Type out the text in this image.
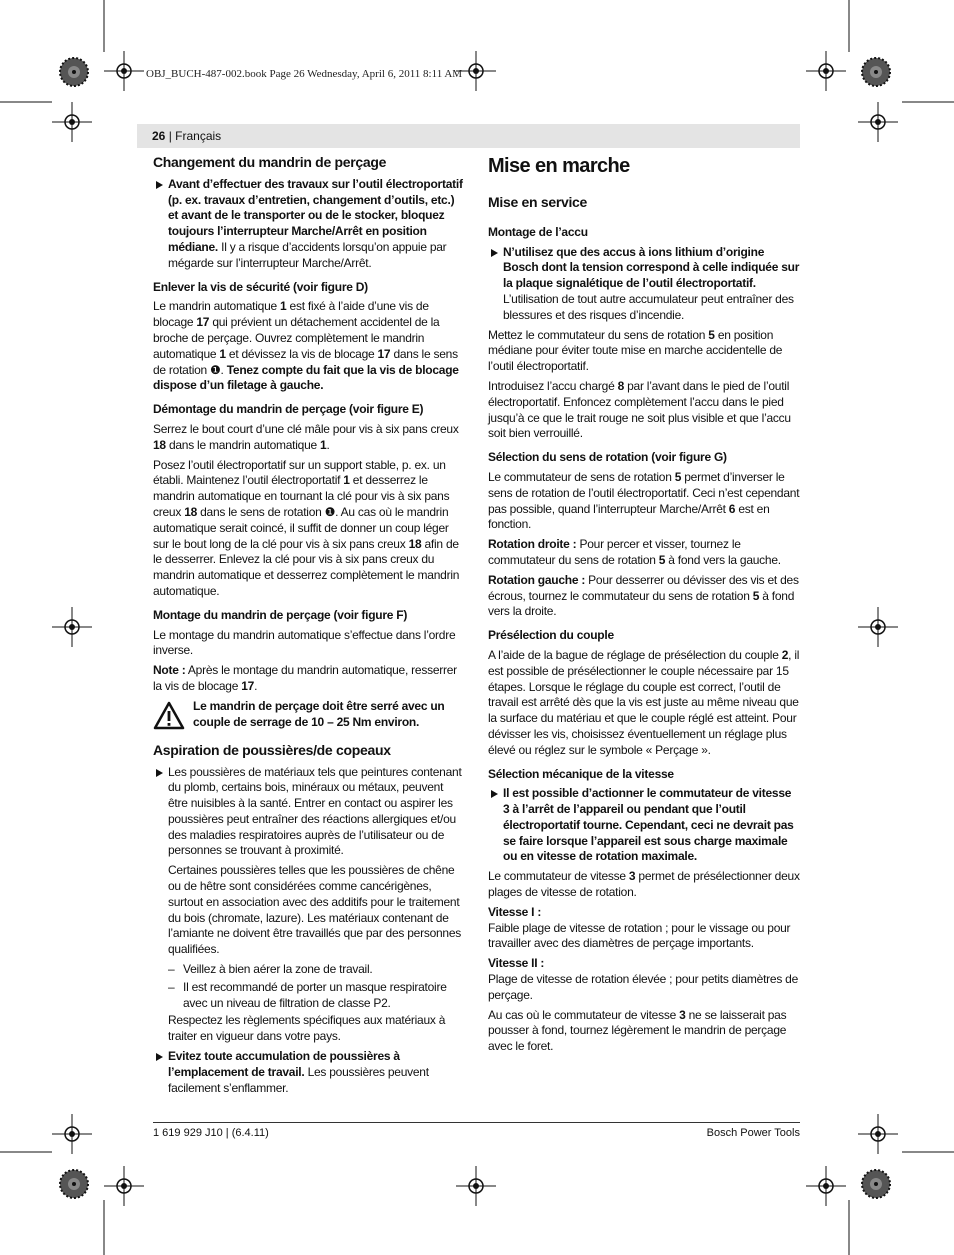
OBJ_BUCH-487-002.book Page 26 Wednesday, April 6, 2011 8:11 AM
26 | Français
Changement du mandrin de perçage
Avant d’effectuer des travaux sur l’outil électroportatif (p. ex. travaux d’entretien, changement d’outils, etc.) et avant de le transporter ou de le stocker, bloquez toujours l’interrupteur Marche/Arrêt en position médiane. Il y a risque d’accidents lorsqu’on appuie par mégarde sur l’interrupteur Marche/Arrêt.
Enlever la vis de sécurité (voir figure D)

Le mandrin automatique 1 est fixé à l’aide d’une vis de blocage 17 qui prévient un détachement accidentel de la broche de perçage. Ouvrez complètement le mandrin automatique 1 et dévissez la vis de blocage 17 dans le sens de rotation ❶. Tenez compte du fait que la vis de blocage dispose d’un filetage à gauche.

Démontage du mandrin de perçage (voir figure E)

Serrez le bout court d’une clé mâle pour vis à six pans creux 18 dans le mandrin automatique 1.

Posez l’outil électroportatif sur un support stable, p. ex. un établi. Maintenez l’outil électroportatif 1 et desserrez le mandrin automatique en tournant la clé pour vis à six pans creux 18 dans le sens de rotation ❶. Au cas où le mandrin automatique serait coincé, il suffit de donner un coup léger sur le bout long de la clé pour vis à six pans creux 18 afin de le desserrer. Enlevez la clé pour vis à six pans creux du mandrin automatique et desserrez complètement le mandrin automatique.

Montage du mandrin de perçage (voir figure F)

Le montage du mandrin automatique s’effectue dans l’ordre inverse.

Note : Après le montage du mandrin automatique, resserrer la vis de blocage 17.

Le mandrin de perçage doit être serré avec un couple de serrage de 10 – 25 Nm environ.
Aspiration de poussières/de copeaux
Les poussières de matériaux tels que peintures contenant du plomb, certains bois, minéraux ou métaux, peuvent être nuisibles à la santé. Entrer en contact ou aspirer les poussières peut entraîner des réactions allergiques et/ou des maladies respiratoires auprès de l’utilisateur ou de personnes se trouvant à proximité.

Certaines poussières telles que les poussières de chêne ou de hêtre sont considérées comme cancérigènes, surtout en association avec des additifs pour le traitement du bois (chromate, lazure). Les matériaux contenant de l’amiante ne doivent être travaillés que par des personnes qualifiées.

– Veillez à bien aérer la zone de travail.
– Il est recommandé de porter un masque respiratoire avec un niveau de filtration de classe P2.

Respectez les règlements spécifiques aux matériaux à traiter en vigueur dans votre pays.

Evitez toute accumulation de poussières à l’emplacement de travail. Les poussières peuvent facilement s’enflammer.
Mise en marche
Mise en service
Montage de l’accu
N’utilisez que des accus à ions lithium d’origine Bosch dont la tension correspond à celle indiquée sur la plaque signalétique de l’outil électroportatif. L’utilisation de tout autre accumulateur peut entraîner des blessures et des risques d’incendie.

Mettez le commutateur du sens de rotation 5 en position médiane pour éviter toute mise en marche accidentelle de l’outil électroportatif.

Introduisez l’accu chargé 8 par l’avant dans le pied de l’outil électroportatif. Enfoncez complètement l’accu dans le pied jusqu’à ce que le trait rouge ne soit plus visible et que l’accu soit bien verrouillé.

Sélection du sens de rotation (voir figure G)

Le commutateur de sens de rotation 5 permet d’inverser le sens de rotation de l’outil électroportatif. Ceci n’est cependant pas possible, quand l’interrupteur Marche/Arrêt 6 est en fonction.

Rotation droite : Pour percer et visser, tournez le commutateur du sens de rotation 5 à fond vers la gauche.

Rotation gauche : Pour desserrer ou dévisser des vis et des écrous, tournez le commutateur du sens de rotation 5 à fond vers la droite.

Présélection du couple

A l’aide de la bague de réglage de présélection du couple 2, il est possible de présélectionner le couple nécessaire par 15 étapes. Lorsque le réglage du couple est correct, l’outil de travail est arrêté dès que la vis est juste au même niveau que la surface du matériau et que le couple réglé est atteint. Pour dévisser les vis, choisissez éventuellement un réglage plus élevé ou réglez sur le symbole « Perçage ».

Sélection mécanique de la vitesse
Il est possible d’actionner le commutateur de vitesse 3 à l’arrêt de l’appareil ou pendant que l’outil électroportatif tourne. Cependant, ceci ne devrait pas se faire lorsque l’appareil est sous charge maximale ou en vitesse de rotation maximale.

Le commutateur de vitesse 3 permet de présélectionner deux plages de vitesse de rotation.

Vitesse I :

Faible plage de vitesse de rotation ; pour le vissage ou pour travailler avec des diamètres de perçage importants.

Vitesse II :

Plage de vitesse de rotation élevée ; pour petits diamètres de perçage.

Au cas où le commutateur de vitesse 3 ne se laisserait pas pousser à fond, tournez légèrement le mandrin de perçage avec le foret.

1 619 929 J10 | (6.4.11)	Bosch Power Tools
